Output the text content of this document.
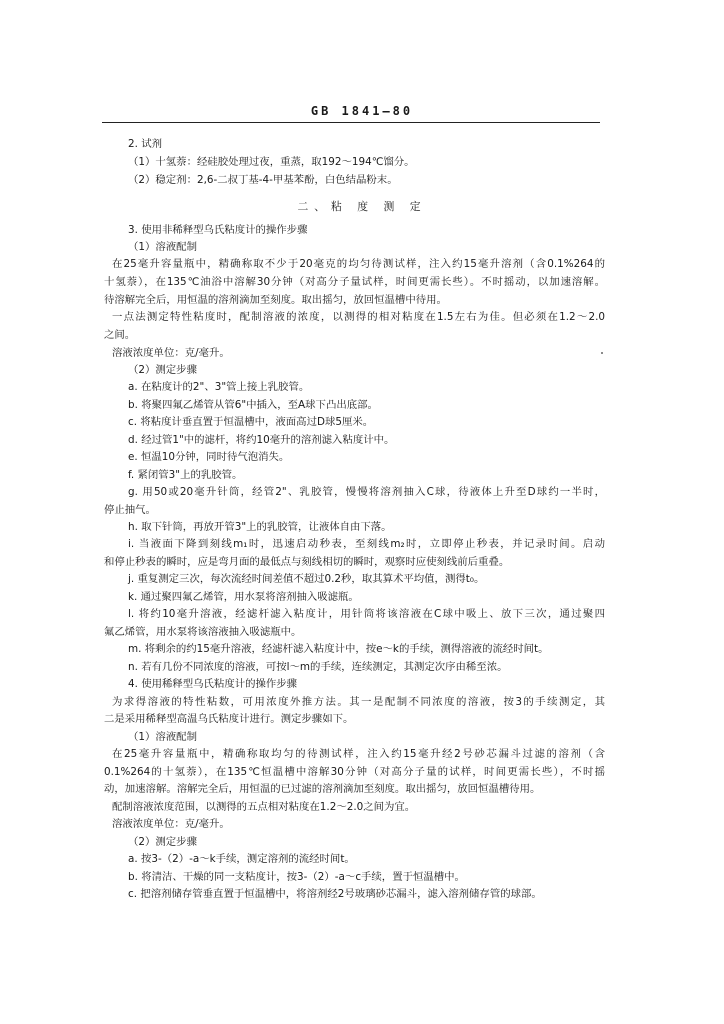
GB 1841—80
2. 试剂
（1）十氢萘：经硅胶处理过夜，重蒸，取192～194℃馏分。
（2）稳定剂：2,6-二叔丁基-4-甲基苯酚，白色结晶粉末。
二、粘 度 测 定
3. 使用非稀释型乌氏粘度计的操作步骤
（1）溶液配制
在25毫升容量瓶中，精确称取不少于20毫克的均匀待测试样，注入约15毫升溶剂（含0.1%264的
十氢萘），在135℃油浴中溶解30分钟（对高分子量试样，时间更需长些）。不时摇动，以加速溶解。
待溶解完全后，用恒温的溶剂滴加至刻度。取出摇匀，放回恒温槽中待用。
一点法测定特性粘度时，配制溶液的浓度，以测得的相对粘度在1.5左右为佳。但必须在1.2～2.0
之间。
溶液浓度单位：克/毫升。
（2）测定步骤
a. 在粘度计的2"、3"管上接上乳胶管。
b. 将聚四氟乙烯管从管6"中插入，至A球下凸出底部。
c. 将粘度计垂直置于恒温槽中，液面高过D球5厘米。
d. 经过管1"中的滤杆，将约10毫升的溶剂滤入粘度计中。
e. 恒温10分钟，同时待气泡消失。
f. 紧闭管3"上的乳胶管。
g. 用50或20毫升针筒，经管2"、乳胶管，慢慢将溶剂抽入C球，待液体上升至D球约一半时，
停止抽气。
h. 取下针筒，再放开管3"上的乳胶管，让液体自由下落。
i. 当液面下降到刻线m₁时，迅速启动秒表，至刻线m₂时，立即停止秒表，并记录时间。启动
和停止秒表的瞬时，应是弯月面的最低点与刻线相切的瞬时，观察时应使刻线前后重叠。
j. 重复测定三次，每次流经时间差值不超过0.2秒，取其算术平均值，测得t₀。
k. 通过聚四氟乙烯管，用水泵将溶剂抽入吸滤瓶。
l. 将约10毫升溶液，经滤杆滤入粘度计，用针筒将该溶液在C球中吸上、放下三次，通过聚四
氟乙烯管，用水泵将该溶液抽入吸滤瓶中。
m. 将剩余的约15毫升溶液，经滤杆滤入粘度计中，按e～k的手续，测得溶液的流经时间t。
n. 若有几份不同浓度的溶液，可按l～m的手续，连续测定，其测定次序由稀至浓。
4. 使用稀释型乌氏粘度计的操作步骤
为求得溶液的特性粘数，可用浓度外推方法。其一是配制不同浓度的溶液，按3的手续测定，其
二是采用稀释型高温乌氏粘度计进行。测定步骤如下。
（1）溶液配制
在25毫升容量瓶中，精确称取均匀的待测试样，注入约15毫升经2号砂芯漏斗过滤的溶剂（含
0.1%264的十氢萘），在135℃恒温槽中溶解30分钟（对高分子量的试样，时间更需长些），不时摇
动，加速溶解。溶解完全后，用恒温的已过滤的溶剂滴加至刻度。取出摇匀，放回恒温槽待用。
配制溶液浓度范围，以测得的五点相对粘度在1.2～2.0之间为宜。
溶液浓度单位：克/毫升。
（2）测定步骤
a. 按3-（2）-a～k手续，测定溶剂的流经时间t。
b. 将清洁、干燥的同一支粘度计，按3-（2）-a～c手续，置于恒温槽中。
c. 把溶剂储存管垂直置于恒温槽中，将溶剂经2号玻璃砂芯漏斗，滤入溶剂储存管的球部。
